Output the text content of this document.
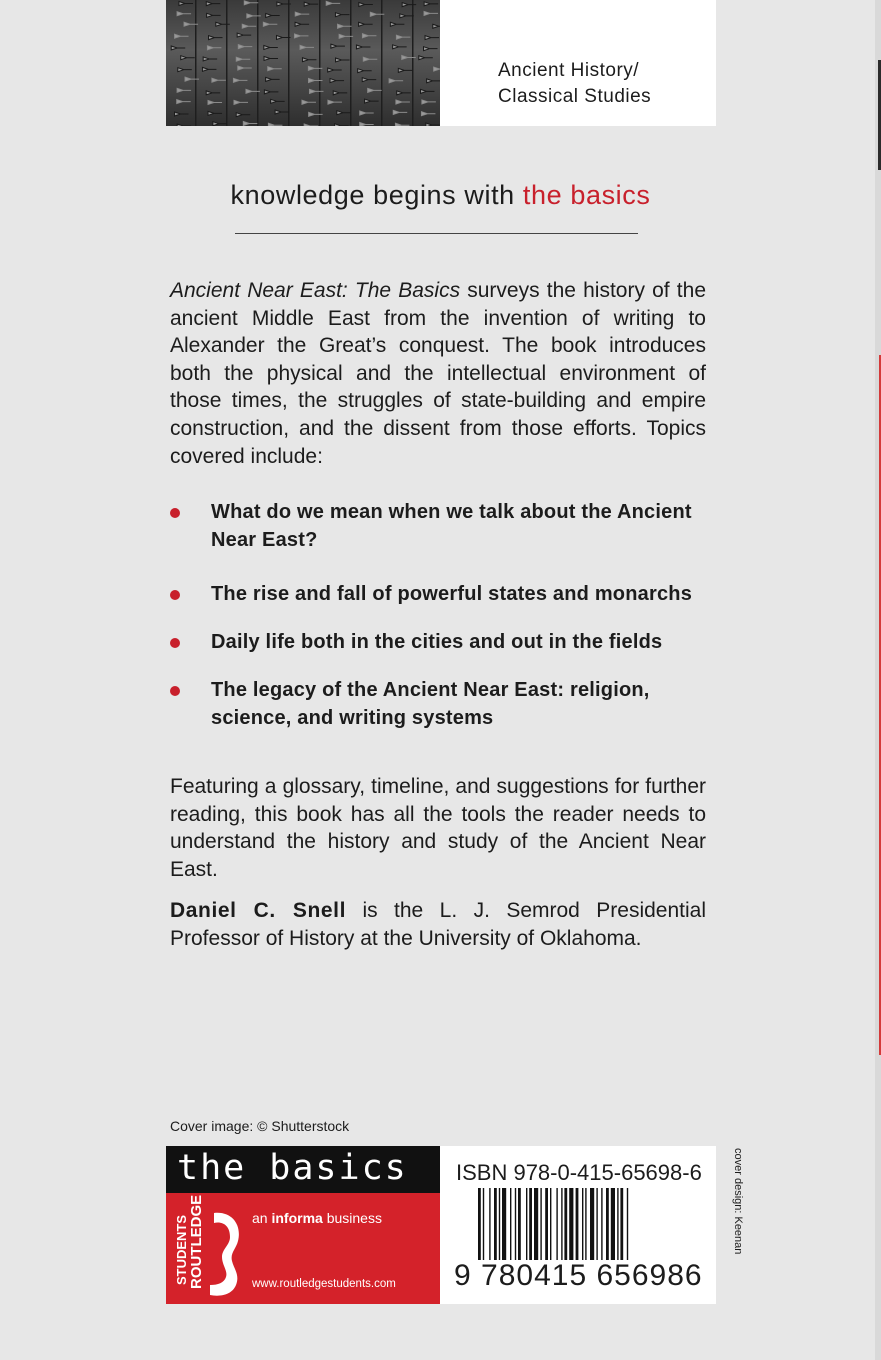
Ancient History/
Classical Studies
knowledge begins with the basics

Ancient Near East: The Basics surveys the history of the ancient Middle East from the invention of writing to Alexander the Great’s conquest. The book introduces both the physical and the intellectual environment of those times, the struggles of state-building and empire construction, and the dissent from those efforts. Topics covered include:

What do we mean when we talk about the Ancient Near East?
The rise and fall of powerful states and monarchs
Daily life both in the cities and out in the fields
The legacy of the Ancient Near East: religion, science, and writing systems

Featuring a glossary, timeline, and suggestions for further reading, this book has all the tools the reader needs to understand the history and study of the Ancient Near East.

Daniel C. Snell is the L. J. Semrod Presidential Professor of History at the University of Oklahoma.

Cover image: © Shutterstock
the basics
STUDENTS ROUTLEDGE	an informa business
www.routledgestudents.com
ISBN 978-0-415-65698-6
9 780415 656986
cover design: Keenan
